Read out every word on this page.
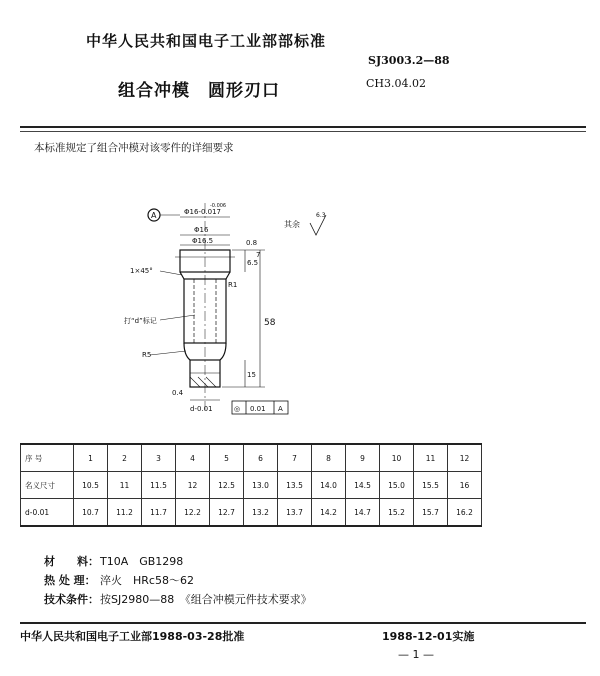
中华人民共和国电子工业部部标准
SJ3003.2—88
组合冲模　圆形刃口	CH3.04.02
本标准规定了组合冲模对该零件的详细要求
A	Φ16-0.017
-0.006
Φ16
Φ16.5
1×45°
R1
打“d”标记
R5
58
6.5
7
15
0.8
0.4
d-0.01	◎ 0.01 A
其余
6.3
序 号	1	2	3	4	5	6	7	8	9	10	11	12
名义尺寸	10.5	11	11.5	12	12.5	13.0	13.5	14.0	14.5	15.0	15.5	16
d-0.01	10.7	11.2	11.7	12.2	12.7	13.2	13.7	14.2	14.7	15.2	15.7	16.2
材　　料：T10A　GB1298
热 处 理： 淬火　HRc58～62
技术条件：按SJ2980—88　《组合冲模元件技术要求》
中华人民共和国电子工业部1988-03-28批准	1988-12-01实施
— 1 —
